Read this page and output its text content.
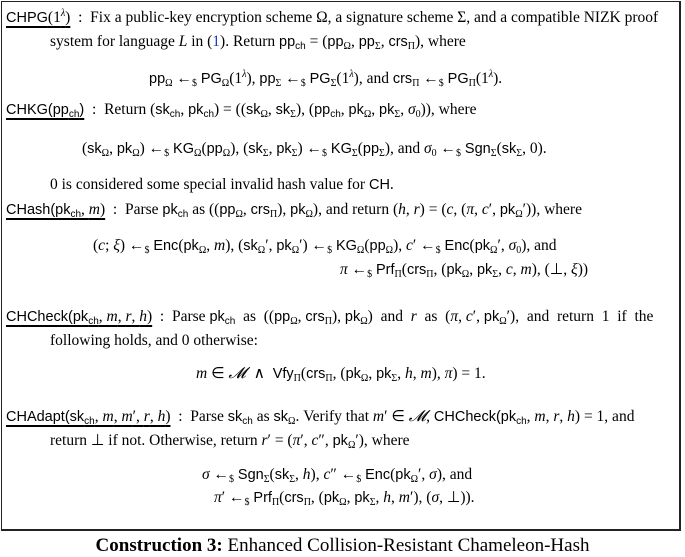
$CHPG(1^\lambda)$  :  Fix a public-key encryption scheme Ω, a signature scheme Σ, and a compatible NIZK proof
system for language L in (1). Return $pp_{ch} = (pp_\Omega$, $pp_\Sigma$, crs$_\Pi$), where
$pp_\Omega$ $\leftarrow_{\$}$ $PG_\Omega(1^\lambda)$, $pp_\Sigma$ $\leftarrow_{\$}$ $PG_\Sigma(1^\lambda)$, and crs$_\Pi$ $\leftarrow_{\$}$ $PG_\Pi(1^\lambda)$.
$CHKG(pp_{ch})$  :  Return ($sk_{ch}$, $pk_{ch}) = ((sk_\Omega$, $sk_\Sigma$), ($pp_{ch}$, $pk_\Omega$, $pk_\Sigma$, $\sigma_0$)), where
($sk_\Omega$, $pk_\Omega$) $\leftarrow_{\$}$ $KG_\Omega(pp_\Omega)$, ($sk_\Sigma$, $pk_\Sigma$) $\leftarrow_{\$}$ $KG_\Sigma(pp_\Sigma)$, and $\sigma_0$ $\leftarrow_{\$}$ $Sgn_\Sigma(sk_\Sigma$, 0).
0 is considered some special invalid hash value for CH.
$CHash(pk_{ch}$, m)  :  Parse $pk_{ch}$ as (($pp_\Omega$, crs$_\Pi$), $pk_\Omega$), and return (h, r) = (c, (π, c′, $pk_\Omega'$)), where
(c; ξ) $\leftarrow_{\$}$ $Enc(pk_\Omega$, m), ($sk_\Omega'$, $pk_\Omega'$) $\leftarrow_{\$}$ $KG_\Omega(pp_\Omega)$, c′ $\leftarrow_{\$}$ $Enc(pk_\Omega'$, $\sigma_0$), and
π $\leftarrow_{\$}$ Prf$_\Pi$(crs$_\Pi$, ($pk_\Omega$, $pk_\Sigma$, c, m), (⊥, ξ))
$CHCheck(pk_{ch}$, m, r, h)  :  Parse $pk_{ch}$  as  (($pp_\Omega$, crs$_\Pi$), $pk_\Omega$)  and  r  as  (π, c′, $pk_\Omega'$),  and  return  1  if  the
following holds, and 0 otherwise:
m ∈ 𝓜  ∧  Vfy$_\Pi$(crs$_\Pi$, ($pk_\Omega$, $pk_\Sigma$, h, m), π) = 1.
$CHAdapt(sk_{ch}$, m, m′, r, h)  :  Parse $sk_{ch}$ as $sk_\Omega$. Verify that m′ ∈ 𝓜, $CHCheck(pk_{ch}$, m, r, h) = 1, and
return ⊥ if not. Otherwise, return r′ = (π′, c″, $pk_\Omega'$), where
σ $\leftarrow_{\$}$ $Sgn_\Sigma(sk_\Sigma$, h), c″ $\leftarrow_{\$}$ $Enc(pk_\Omega'$, σ), and
π′ $\leftarrow_{\$}$ Prf$_\Pi$(crs$_\Pi$, ($pk_\Omega$, $pk_\Sigma$, h, m′), (σ, ⊥)).
Construction 3: Enhanced Collision-Resistant Chameleon-Hash
